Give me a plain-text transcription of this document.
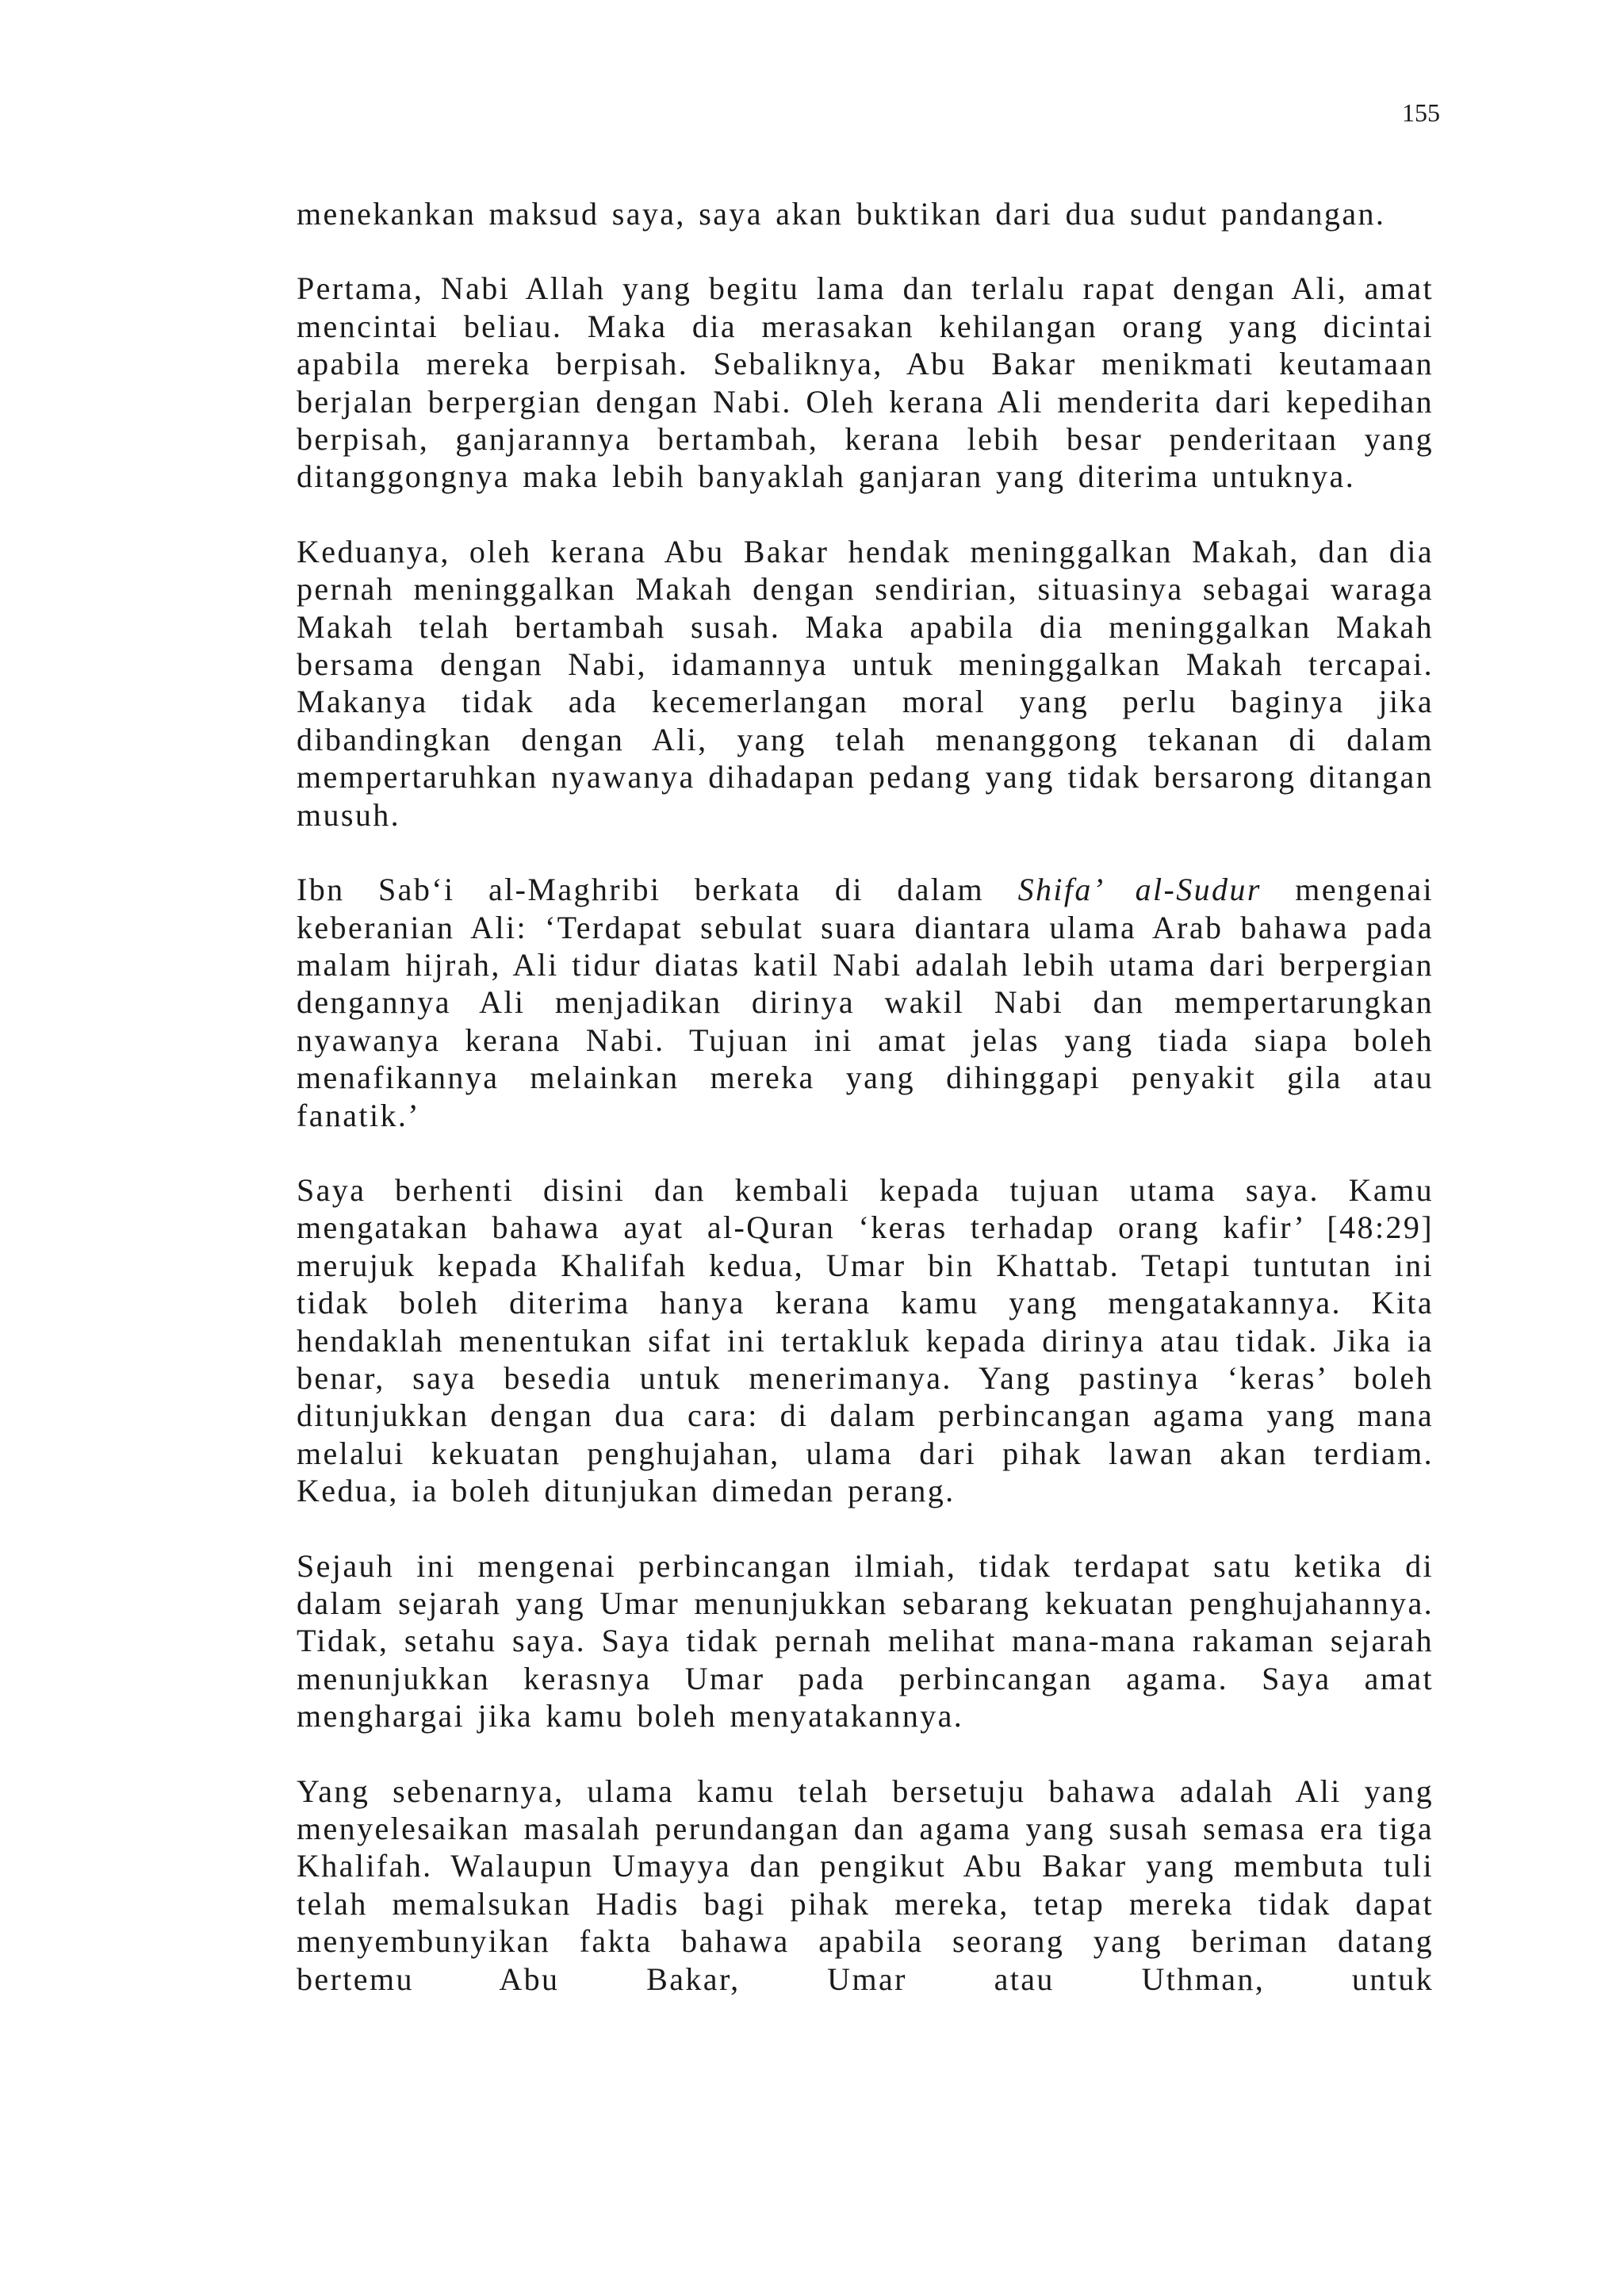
155

menekankan maksud saya, saya akan buktikan dari dua sudut pandangan.

Pertama, Nabi Allah yang begitu lama dan terlalu rapat dengan Ali, amat mencintai beliau. Maka dia merasakan kehilangan orang yang dicintai apabila mereka berpisah. Sebaliknya, Abu Bakar menikmati keutamaan berjalan berpergian dengan Nabi. Oleh kerana Ali menderita dari kepedihan berpisah, ganjarannya bertambah, kerana lebih besar penderitaan yang ditanggongnya maka lebih banyaklah ganjaran yang diterima untuknya.

Keduanya, oleh kerana Abu Bakar hendak meninggalkan Makah, dan dia pernah meninggalkan Makah dengan sendirian, situasinya sebagai waraga Makah telah bertambah susah. Maka apabila dia meninggalkan Makah bersama dengan Nabi, idamannya untuk meninggalkan Makah tercapai. Makanya tidak ada kecemerlangan moral yang perlu baginya jika dibandingkan dengan Ali, yang telah menanggong tekanan di dalam mempertaruhkan nyawanya dihadapan pedang yang tidak bersarong ditangan musuh.

Ibn Sab‘i al-Maghribi berkata di dalam Shifa’ al-Sudur mengenai keberanian Ali: ‘Terdapat sebulat suara diantara ulama Arab bahawa pada malam hijrah, Ali tidur diatas katil Nabi adalah lebih utama dari berpergian dengannya Ali menjadikan dirinya wakil Nabi dan mempertarungkan nyawanya kerana Nabi. Tujuan ini amat jelas yang tiada siapa boleh menafikannya melainkan mereka yang dihinggapi penyakit gila atau fanatik.’

Saya berhenti disini dan kembali kepada tujuan utama saya. Kamu mengatakan bahawa ayat al-Quran ‘keras terhadap orang kafir’ [48:29] merujuk kepada Khalifah kedua, Umar bin Khattab. Tetapi tuntutan ini tidak boleh diterima hanya kerana kamu yang mengatakannya. Kita hendaklah menentukan sifat ini tertakluk kepada dirinya atau tidak. Jika ia benar, saya besedia untuk menerimanya. Yang pastinya ‘keras’ boleh ditunjukkan dengan dua cara: di dalam perbincangan agama yang mana melalui kekuatan penghujahan, ulama dari pihak lawan akan terdiam. Kedua, ia boleh ditunjukan dimedan perang.

Sejauh ini mengenai perbincangan ilmiah, tidak terdapat satu ketika di dalam sejarah yang Umar menunjukkan sebarang kekuatan penghujahannya. Tidak, setahu saya. Saya tidak pernah melihat mana-mana rakaman sejarah menunjukkan kerasnya Umar pada perbincangan agama. Saya amat menghargai jika kamu boleh menyatakannya.

Yang sebenarnya, ulama kamu telah bersetuju bahawa adalah Ali yang menyelesaikan masalah perundangan dan agama yang susah semasa era tiga Khalifah. Walaupun Umayya dan pengikut Abu Bakar yang membuta tuli telah memalsukan Hadis bagi pihak mereka, tetap mereka tidak dapat menyembunyikan fakta bahawa apabila seorang yang beriman datang bertemu Abu Bakar, Umar atau Uthman, untuk
